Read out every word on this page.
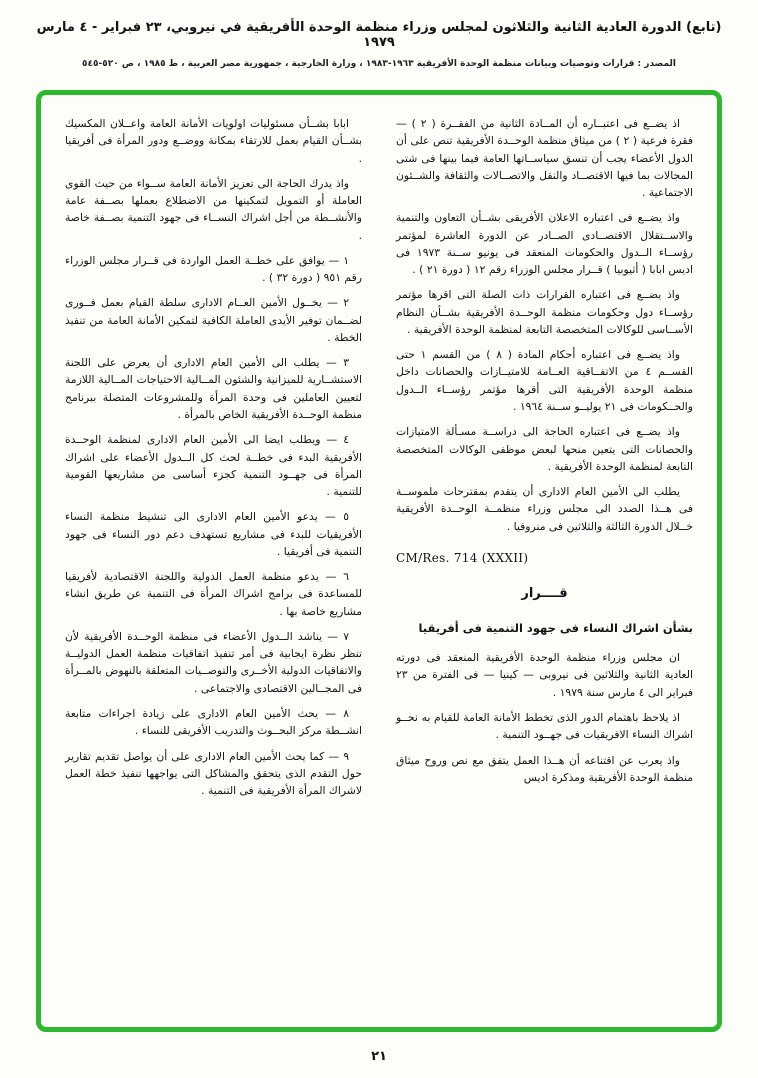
(تابع) الدورة العادية الثانية والثلاثون لمجلس وزراء منظمة الوحدة الأفريقية في نيروبي، ٢٣ فبراير - ٤ مارس ١٩٧٩
المصدر : قرارات وتوصيات وبيانات منظمة الوحدة الأفريقية ١٩٦٣-١٩٨٣ ، وزارة الخارجية ، جمهورية مصر العربية ، ط ١٩٨٥ ، ص ٥٢٠-٥٤٥

اذ يضــع فى اعتبــاره أن المــادة الثانية من الفقــرة ( ٢ ) — فقرة فرعية ( ٢ ) من ميثاق منظمة الوحــدة الأفريقية تنص على أن الدول الأعضاء يجب أن تنسق سياســاتها العامة فيما بينها فى شتى المجالات بما فيها الاقتصــاد والنقل والاتصــالات والثقافة والشــئون الاجتماعية .

واذ يضــع فى اعتباره الاعلان الأفريقى بشــأن التعاون والتنمية والاســتقلال الاقتصــادى الصــادر عن الدورة العاشرة لمؤتمر رؤســاء الــدول والحكومات المنعقد فى يونيو ســنة ١٩٧٣ فى اديس ابابا ( أثيوبيا ) قــرار مجلس الوزراء رقم ١٢ ( دورة ٢١ ) .

واذ يضــع فى اعتباره القرارات ذات الصلة التى اقرها مؤتمر رؤســاء دول وحكومات منظمة الوحــدة الأفريقية بشــأن النظام الأســاسى للوكالات المتخصصة التابعة لمنظمة الوحدة الأفريقية .

واذ يضــع فى اعتباره أحكام المادة ( ٨ ) من القسم ١ حتى القســم ٤ من الاتفــاقية العــامة للامتيــازات والحصانات داخل منظمة الوحدة الأفريقية التى أقرها مؤتمر رؤســاء الــدول والحــكومات فى ٢١ يوليــو ســنة ١٩٦٤ .

واذ يضــع فى اعتباره الحاجة الى دراســة مسـألة الامتيازات والحصانات التى يتعين منحها لبعض موظفى الوكالات المتخصصة التابعة لمنظمة الوحدة الأفريقية .

يطلب الى الأمين العام الادارى أن يتقدم بمقترحات ملموســة فى هــذا الصدد الى مجلس وزراء منظمــة الوحــدة الأفريقية خــلال الدورة الثالثة والثلاثين فى منروفيا .

CM/Res. 714 (XXXII)
قــــرار
بشأن اشراك النساء فى جهود التنمية فى أفريقيا

ان مجلس وزراء منظمة الوحدة الأفريقية المنعقد فى دورته العادية الثانية والثلاثين فى نيروبى — كينيا — فى الفترة من ٢٣ فبراير الى ٤ مارس سنة ١٩٧٩ .

اذ يلاحظ باهتمام الدور الذى تخطط الأمانة العامة للقيام به نحــو اشراك النساء الافريقيات فى جهــود التنمية .

واذ يعرب عن اقتناعه أن هــذا العمل يتفق مع نص وروح ميثاق منظمة الوحدة الأفريقية ومذكرة اديس

ابابا بشــأن مسئوليات اولويات الأمانة العامة واعــلان المكسيك بشــأن القيام بعمل للارتقاء بمكانة ووضــع ودور المرأة فى أفريقيا .

واذ يدرك الحاجة الى تعزيز الأمانة العامة ســواء من حيث القوى العاملة أو التمويل لتمكينها من الاضطلاع بعملها بصــفة عامة والأنشــطة من أجل اشراك النســاء فى جهود التنمية بصــفة خاصة .

١ — يوافق على خطــة العمل الواردة فى قــرار مجلس الوزراء رقم ٩٥١ ( دورة ٣٢ ) .

٢ — يخــول الأمين العــام الادارى سلطة القيام بعمل فــورى لضــمان توفير الأيدى العاملة الكافية لتمكين الأمانة العامة من تنفيذ الخطة .

٣ — يطلب الى الأمين العام الادارى أن يعرض على اللجنة الاستشــارية للميزانية والشئون المــالية الاحتياجات المــالية اللازمة لتعيين العاملين فى وحدة المرأة وللمشروعات المتصلة ببرنامج منظمة الوحــدة الأفريقية الخاص بالمرأة .

٤ — ويطلب ايضا الى الأمين العام الادارى لمنظمة الوحــدة الأفريقية البدء فى خطــة لحث كل الــدول الأعضاء على اشراك المرأة فى جهــود التنمية كجزء أساسى من مشاريعها القومية للتنمية .

٥ — يدعو الأمين العام الادارى الى تنشيط منظمة النساء الأفريقيات للبدء فى مشاريع تستهدف دعم دور النساء فى جهود التنمية فى أفريقيا .

٦ — يدعو منظمة العمل الدولية واللجنة الاقتصادية لأفريقيا للمساعدة فى برامج اشراك المرأة فى التنمية عن طريق انشاء مشاريع خاصة بها .

٧ — يناشد الــدول الأعضاء فى منظمة الوحــدة الأفريقية لأن تنظر نظرة ايجابية فى أمر تنفيذ اتفاقيات منظمة العمل الدوليــة والاتفاقيات الدولية الأخــرى والتوصــيات المتعلقة بالنهوض بالمــرأة فى المجــالين الاقتصادى والاجتماعى .

٨ — يحث الأمين العام الادارى على زيادة اجراءات متابعة انشــطة مركز البحــوث والتدريب الأفريقى للنساء .

٩ — كما يحث الأمين العام الادارى على أن يواصل تقديم تقارير حول التقدم الذى يتحقق والمشاكل التى يواجهها تنفيذ خطة العمل لاشراك المرأة الأفريقية فى التنمية .

٢١
